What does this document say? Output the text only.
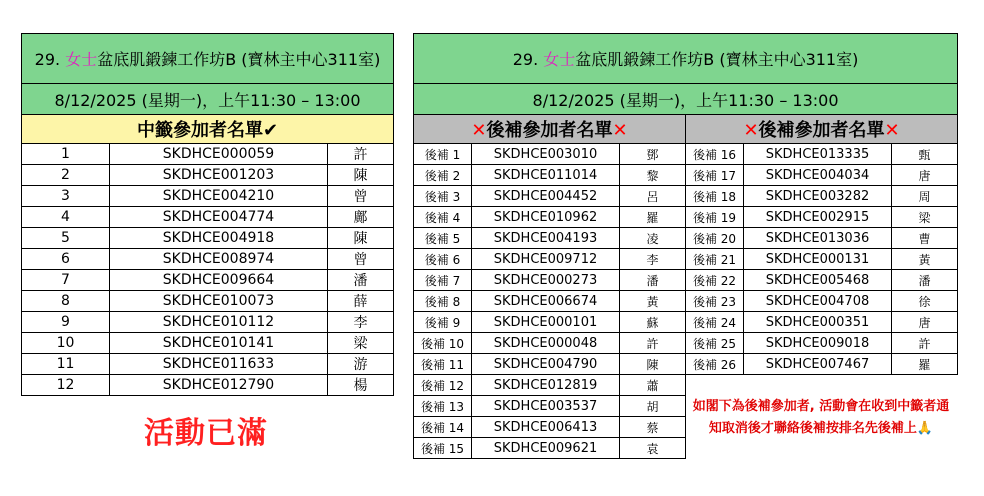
29. 女士盆底肌鍛鍊工作坊B (寶林主中心311室)		
8/12/2025 (星期一)，上午11:30 – 13:00		
中籤參加者名單✔		
1	SKDHCE000059	許
2	SKDHCE001203	陳
3	SKDHCE004210	曾
4	SKDHCE004774	鄺
5	SKDHCE004918	陳
6	SKDHCE008974	曾
7	SKDHCE009664	潘
8	SKDHCE010073	薛
9	SKDHCE010112	李
10	SKDHCE010141	梁
11	SKDHCE011633	游
12	SKDHCE012790	楊
活動已滿
29. 女士盆底肌鍛鍊工作坊B (寶林主中心311室)					
8/12/2025 (星期一)，上午11:30 – 13:00					
✕後補參加者名單✕			✕後補參加者名單✕		
後補 1	SKDHCE003010	鄧	後補 16	SKDHCE013335	甄
後補 2	SKDHCE011014	黎	後補 17	SKDHCE004034	唐
後補 3	SKDHCE004452	呂	後補 18	SKDHCE003282	周
後補 4	SKDHCE010962	羅	後補 19	SKDHCE002915	梁
後補 5	SKDHCE004193	凌	後補 20	SKDHCE013036	曹
後補 6	SKDHCE009712	李	後補 21	SKDHCE000131	黃
後補 7	SKDHCE000273	潘	後補 22	SKDHCE005468	潘
後補 8	SKDHCE006674	黃	後補 23	SKDHCE004708	徐
後補 9	SKDHCE000101	蘇	後補 24	SKDHCE000351	唐
後補 10	SKDHCE000048	許	後補 25	SKDHCE009018	許
後補 11	SKDHCE004790	陳	後補 26	SKDHCE007467	羅
後補 12	SKDHCE012819	蕭			
後補 13	SKDHCE003537	胡			
後補 14	SKDHCE006413	蔡			
後補 15	SKDHCE009621	袁			
如閣下為後補參加者, 活動會在收到中籤者通知取消後才聯絡後補按排名先後補上🙏
